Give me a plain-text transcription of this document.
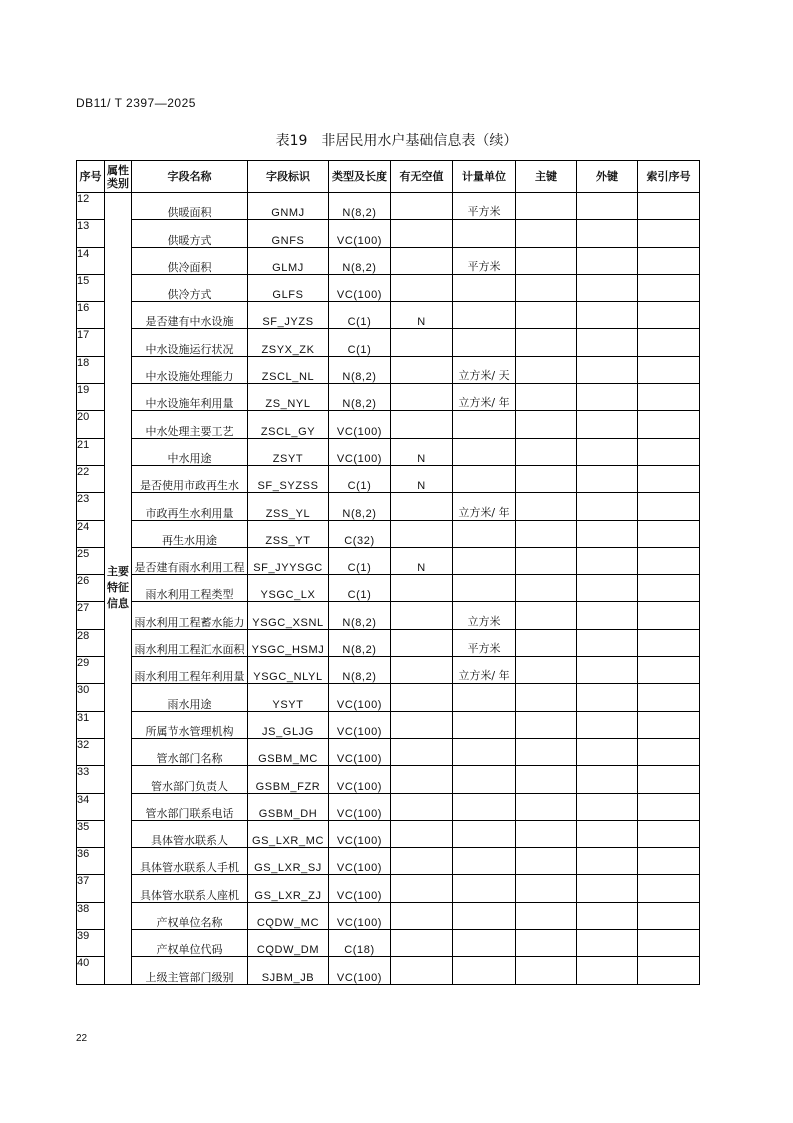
DB11/ T 2397—2025
表19 非居民用水户基础信息表（续）
序号	属性类别	字段名称	字段标识	类型及长度	有无空值	计量单位	主键	外键	索引序号
12	主要特征信息	供暖面积	GNMJ	N(8,2)		平方米			
13		供暖方式	GNFS	VC(100)					
14		供冷面积	GLMJ	N(8,2)		平方米			
15		供冷方式	GLFS	VC(100)					
16		是否建有中水设施	SF_JYZS	C(1)	N				
17		中水设施运行状况	ZSYX_ZK	C(1)					
18		中水设施处理能力	ZSCL_NL	N(8,2)		立方米/ 天			
19		中水设施年利用量	ZS_NYL	N(8,2)		立方米/ 年			
20		中水处理主要工艺	ZSCL_GY	VC(100)					
21		中水用途	ZSYT	VC(100)	N				
22		是否使用市政再生水	SF_SYZSS	C(1)	N				
23		市政再生水利用量	ZSS_YL	N(8,2)		立方米/ 年			
24		再生水用途	ZSS_YT	C(32)					
25		是否建有雨水利用工程	SF_JYYSGC	C(1)	N				
26		雨水利用工程类型	YSGC_LX	C(1)					
27		雨水利用工程蓄水能力	YSGC_XSNL	N(8,2)		立方米			
28		雨水利用工程汇水面积	YSGC_HSMJ	N(8,2)		平方米			
29		雨水利用工程年利用量	YSGC_NLYL	N(8,2)		立方米/ 年			
30		雨水用途	YSYT	VC(100)					
31		所属节水管理机构	JS_GLJG	VC(100)					
32		管水部门名称	GSBM_MC	VC(100)					
33		管水部门负责人	GSBM_FZR	VC(100)					
34		管水部门联系电话	GSBM_DH	VC(100)					
35		具体管水联系人	GS_LXR_MC	VC(100)					
36		具体管水联系人手机	GS_LXR_SJ	VC(100)					
37		具体管水联系人座机	GS_LXR_ZJ	VC(100)					
38		产权单位名称	CQDW_MC	VC(100)					
39		产权单位代码	CQDW_DM	C(18)					
40		上级主管部门级别	SJBM_JB	VC(100)					
22
